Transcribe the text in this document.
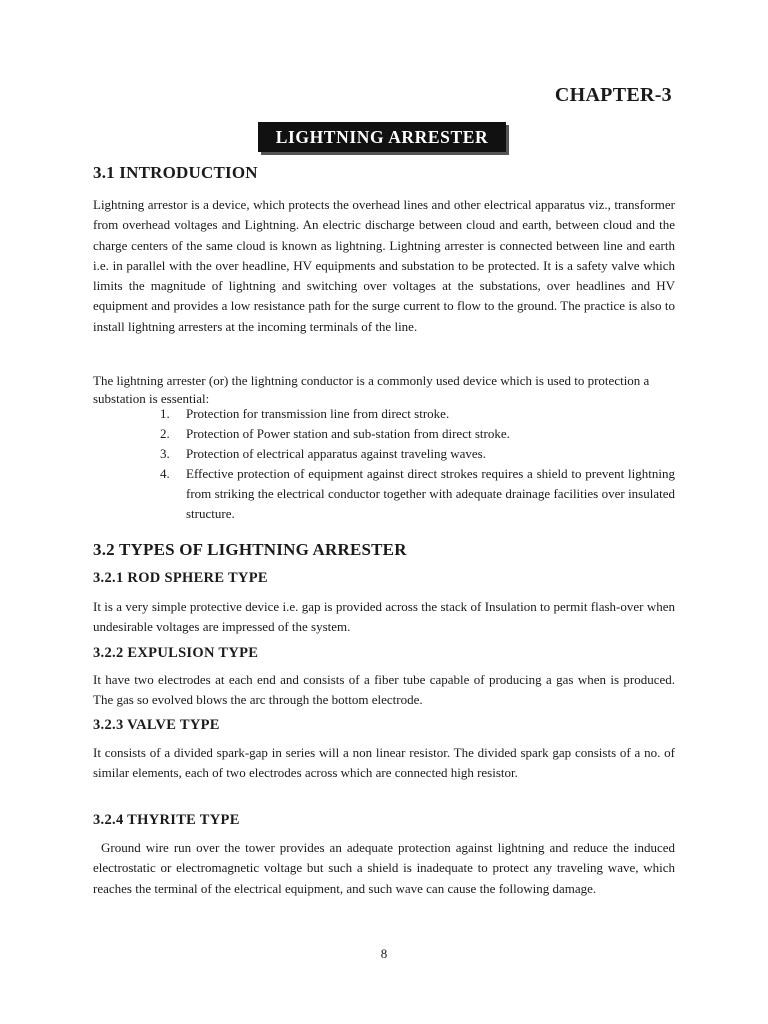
CHAPTER-3
LIGHTNING ARRESTER
3.1 INTRODUCTION

Lightning arrestor is a device, which protects the overhead lines and other electrical apparatus viz., transformer from overhead voltages and Lightning. An electric discharge between cloud and earth, between cloud and the charge centers of the same cloud is known as lightning. Lightning arrester is connected between line and earth i.e. in parallel with the over headline, HV equipments and substation to be protected. It is a safety valve which limits the magnitude of lightning and switching over voltages at the substations, over headlines and HV equipment and provides a low resistance path for the surge current to flow to the ground. The practice is also to install lightning arresters at the incoming terminals of the line.

The lightning arrester (or) the lightning conductor is a commonly used device which is used to protection a substation is essential:

1.	Protection for transmission line from direct stroke.
2.	Protection of Power station and sub-station from direct stroke.
3.	Protection of electrical apparatus against traveling waves.
4.	Effective protection of equipment against direct strokes requires a shield to prevent lightning from striking the electrical conductor together with adequate drainage facilities over insulated structure.
3.2 TYPES OF LIGHTNING ARRESTER
3.2.1 ROD SPHERE TYPE

It is a very simple protective device i.e. gap is provided across the stack of Insulation to permit flash-over when undesirable voltages are impressed of the system.

3.2.2 EXPULSION TYPE

It have two electrodes at each end and consists of a fiber tube capable of producing a gas when is produced. The gas so evolved blows the arc through the bottom electrode.

3.2.3 VALVE TYPE

It consists of a divided spark-gap in series will a non linear resistor. The divided spark gap consists of a no. of similar elements, each of two electrodes across which are connected high resistor.

3.2.4 THYRITE TYPE

Ground wire run over the tower provides an adequate protection against lightning and reduce the induced electrostatic or electromagnetic voltage but such a shield is inadequate to protect any traveling wave, which reaches the terminal of the electrical equipment, and such wave can cause the following damage.

8
